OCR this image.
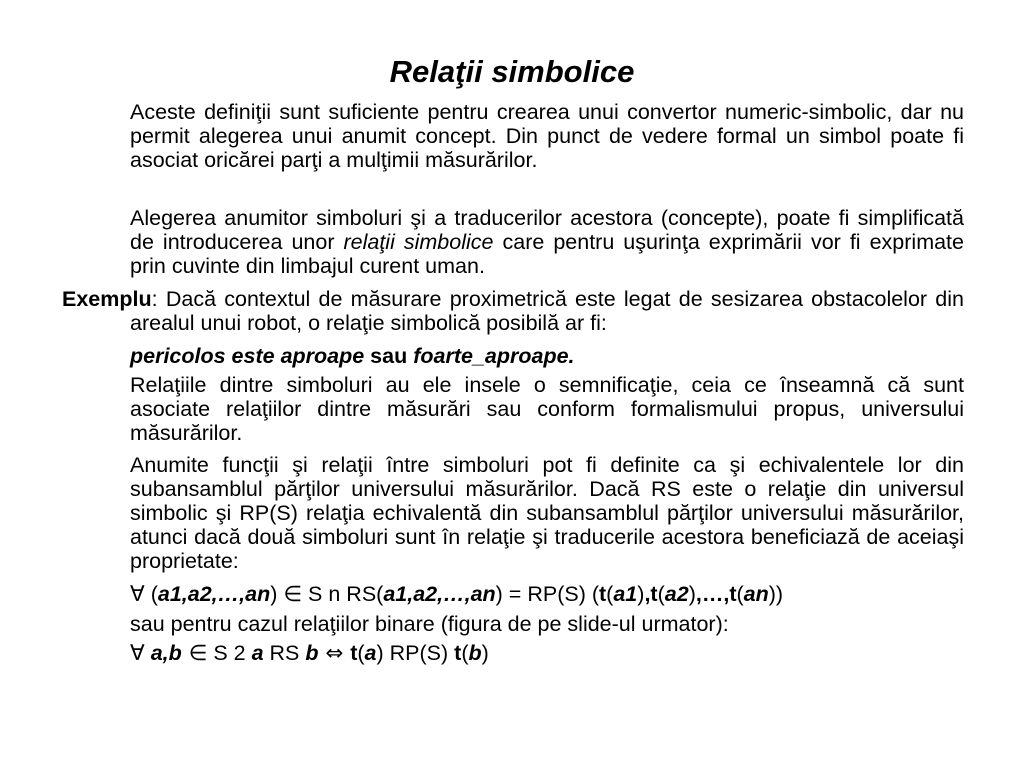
Relaţii simbolice

Aceste definiţii sunt suficiente pentru crearea unui convertor numeric-simbolic, dar nu permit alegerea unui anumit concept. Din punct de vedere formal un simbol poate fi asociat oricărei parţi a mulţimii măsurărilor.

Alegerea anumitor simboluri şi a traducerilor acestora (concepte), poate fi simplificată de introducerea unor relaţii simbolice care pentru uşurinţa exprimării vor fi exprimate prin cuvinte din limbajul curent uman.

Exemplu: Dacă contextul de măsurare proximetrică este legat de sesizarea obstacolelor din arealul unui robot, o relaţie simbolică posibilă ar fi:

pericolos este aproape sau foarte_aproape.

Relaţiile dintre simboluri au ele insele o semnificaţie, ceia ce înseamnă că sunt asociate relaţiilor dintre măsurări sau conform formalismului propus, universului măsurărilor.

Anumite funcţii şi relaţii între simboluri pot fi definite ca şi echivalentele lor din subansamblul părţilor universului măsurărilor. Dacă RS este o relaţie din universul simbolic şi RP(S) relaţia echivalentă din subansamblul părţilor universului măsurărilor, atunci dacă două simboluri sunt în relaţie şi traducerile acestora beneficiază de aceiaşi proprietate:

∀ (a1,a2,…,an) ∈ S n RS(a1,a2,…,an) = RP(S) (t(a1),t(a2),…,t(an))

sau pentru cazul relaţiilor binare (figura de pe slide-ul urmator):

∀ a,b ∈ S 2 a RS b ⇔ t(a) RP(S) t(b)
